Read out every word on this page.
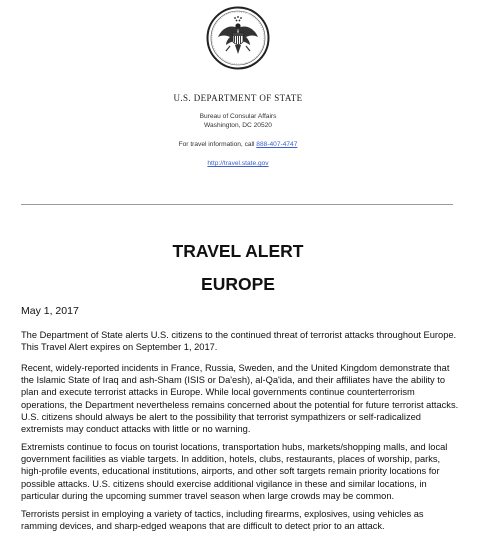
U.S. DEPARTMENT OF STATE
Bureau of Consular Affairs
Washington, DC 20520
For travel information, call 888-407-4747
http://travel.state.gov
TRAVEL ALERT
EUROPE
May 1, 2017

The Department of State alerts U.S. citizens to the continued threat of terrorist attacks throughout Europe. This Travel Alert expires on September 1, 2017.

Recent, widely-reported incidents in France, Russia, Sweden, and the United Kingdom demonstrate that the Islamic State of Iraq and ash-Sham (ISIS or Da'esh), al-Qa'ida, and their affiliates have the ability to plan and execute terrorist attacks in Europe. While local governments continue counterterrorism operations, the Department nevertheless remains concerned about the potential for future terrorist attacks. U.S. citizens should always be alert to the possibility that terrorist sympathizers or self-radicalized extremists may conduct attacks with little or no warning.

Extremists continue to focus on tourist locations, transportation hubs, markets/shopping malls, and local government facilities as viable targets. In addition, hotels, clubs, restaurants, places of worship, parks, high-profile events, educational institutions, airports, and other soft targets remain priority locations for possible attacks. U.S. citizens should exercise additional vigilance in these and similar locations, in particular during the upcoming summer travel season when large crowds may be common.

Terrorists persist in employing a variety of tactics, including firearms, explosives, using vehicles as ramming devices, and sharp-edged weapons that are difficult to detect prior to an attack.
